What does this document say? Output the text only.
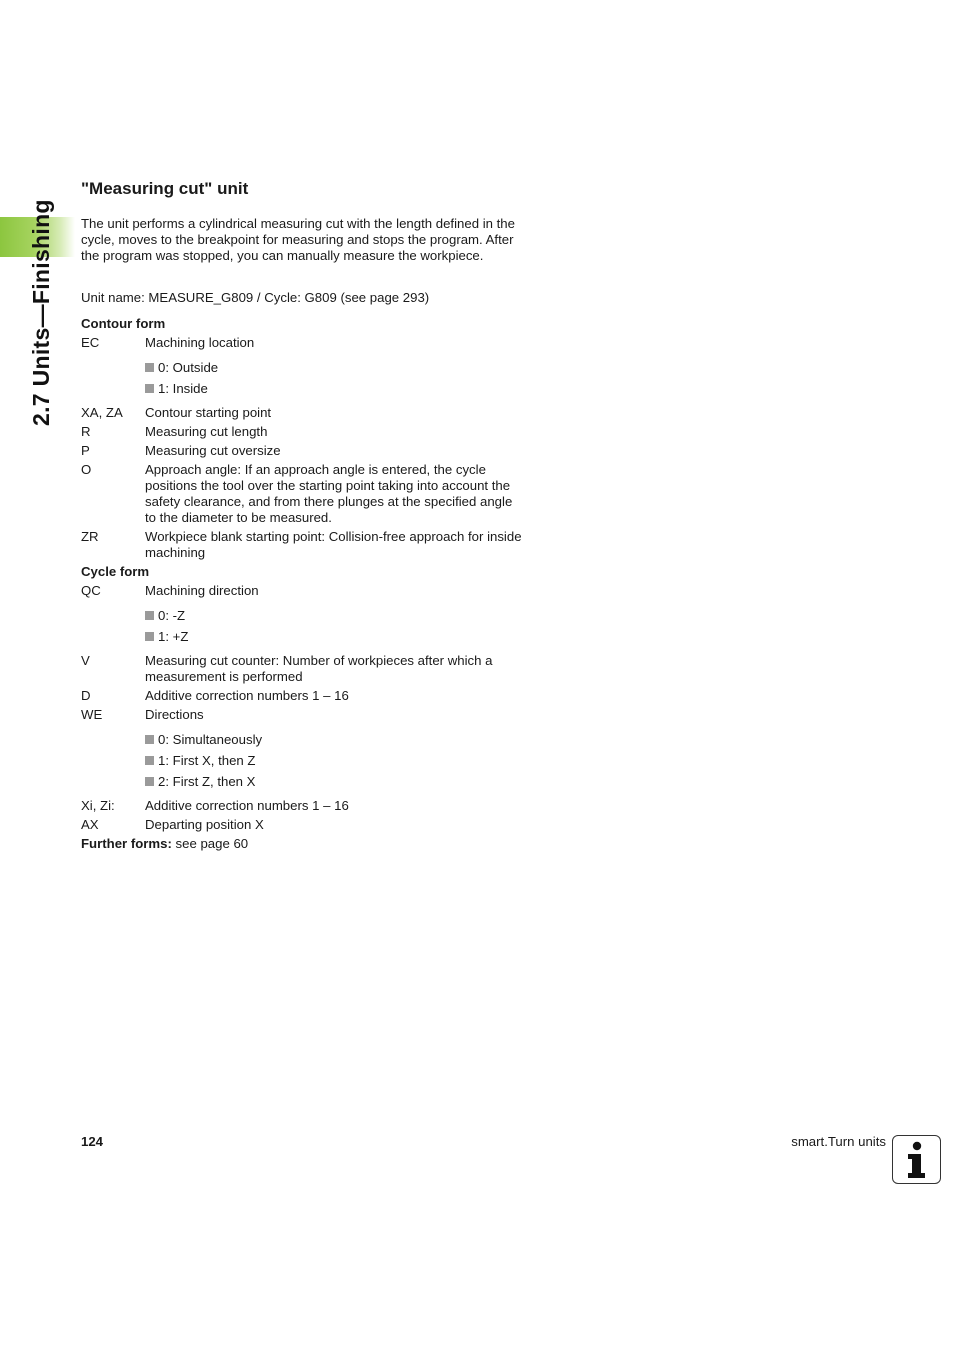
2.7 Units—Finishing
"Measuring cut" unit

The unit performs a cylindrical measuring cut with the length defined in the cycle, moves to the breakpoint for measuring and stops the program. After the program was stopped, you can manually measure the workpiece.

Unit name: MEASURE_G809 / Cycle: G809 (see page 293)

Contour form
EC	Machining location
0: Outside
1: Inside
XA, ZA	Contour starting point
R	Measuring cut length
P	Measuring cut oversize
O	Approach angle: If an approach angle is entered, the cycle positions the tool over the starting point taking into account the safety clearance, and from there plunges at the specified angle to the diameter to be measured.
ZR	Workpiece blank starting point: Collision-free approach for inside machining
Cycle form
QC	Machining direction
0: -Z
1: +Z
V	Measuring cut counter: Number of workpieces after which a measurement is performed
D	Additive correction numbers 1 – 16
WE	Directions
0: Simultaneously
1: First X, then Z
2: First Z, then X
Xi, Zi:	Additive correction numbers 1 – 16
AX	Departing position X
Further forms: see page 60
124	smart.Turn units
